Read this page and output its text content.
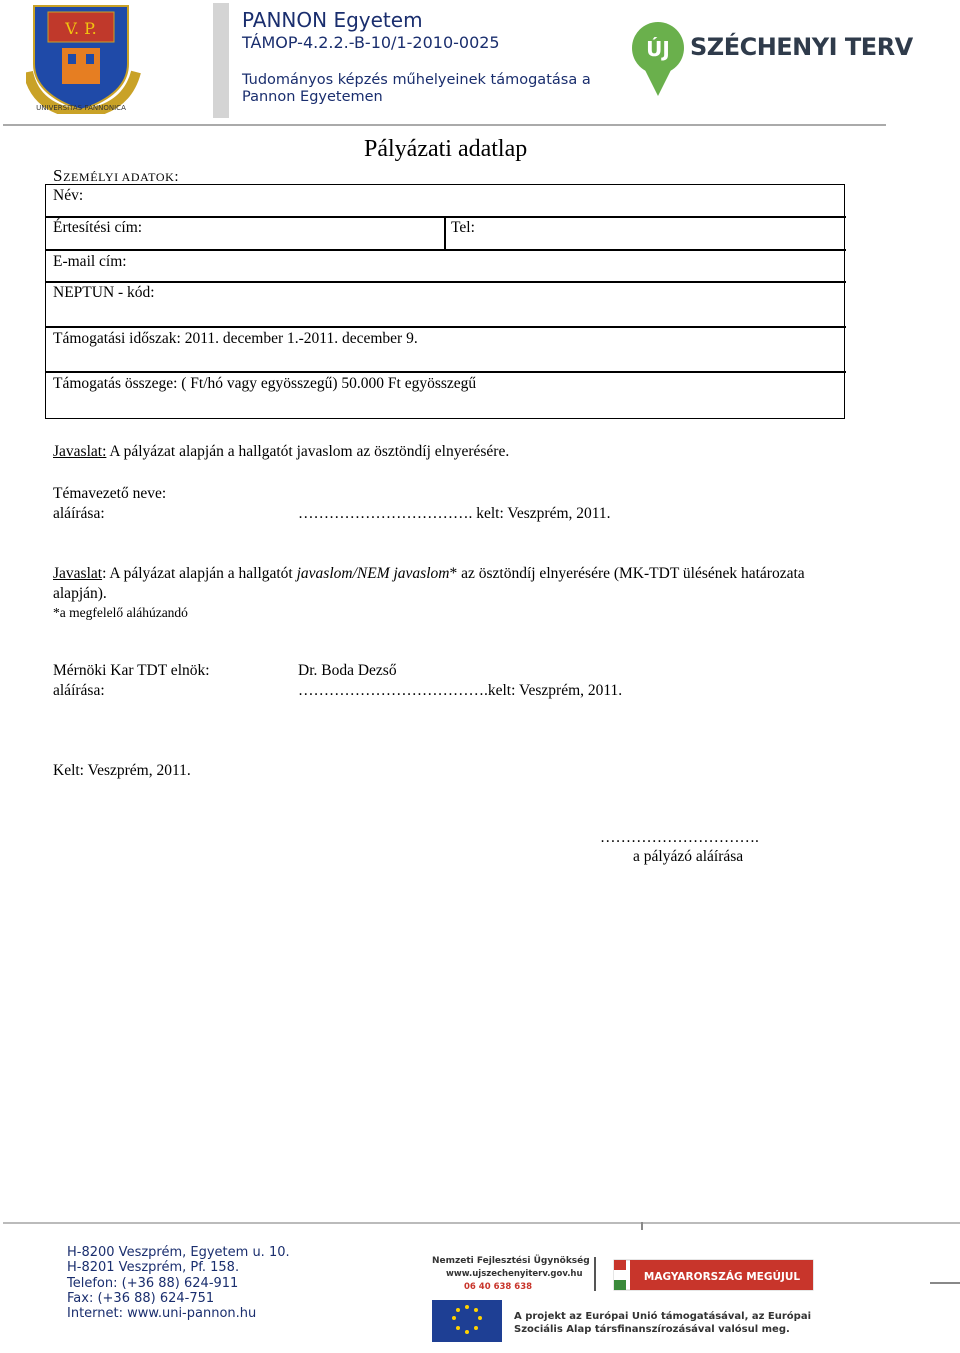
V. P.
UNIVERSITAS PANNONICA
PANNON Egyetem
TÁMOP-4.2.2.-B-10/1-2010-0025
Tudományos képzés műhelyeinek támogatása a Pannon Egyetemen
ÚJ SZÉCHENYI TERV
Pályázati adatlap
SZEMÉLYI ADATOK:
Név:
Értesítési cím:	Tel:
E-mail cím:
NEPTUN - kód:
Támogatási időszak: 2011. december 1.-2011. december 9.
Támogatás összege: ( Ft/hó vagy egyösszegű) 50.000 Ft egyösszegű
Javaslat: A pályázat alapján a hallgatót javaslom az ösztöndíj elnyerésére.
Témavezető neve:
aláírása:	……………………………. kelt: Veszprém, 2011.
Javaslat: A pályázat alapján a hallgatót javaslom/NEM javaslom* az ösztöndíj elnyerésére (MK-TDT ülésének határozata alapján).
*a megfelelő aláhúzandó
Mérnöki Kar TDT elnök:	Dr. Boda Dezső
aláírása:	……………………………….kelt: Veszprém, 2011.
Kelt: Veszprém, 2011.
………………………….
a pályázó aláírása
H-8200 Veszprém, Egyetem u. 10.
H-8201 Veszprém, Pf. 158.
Telefon: (+36 88) 624-911
Fax: (+36 88) 624-751
Internet: www.uni-pannon.hu
Nemzeti Fejlesztési Ügynökség
www.ujszechenyiterv.gov.hu
06 40 638 638
MAGYARORSZÁG MEGÚJUL
A projekt az Európai Unió támogatásával, az Európai
Szociális Alap társfinanszírozásával valósul meg.
